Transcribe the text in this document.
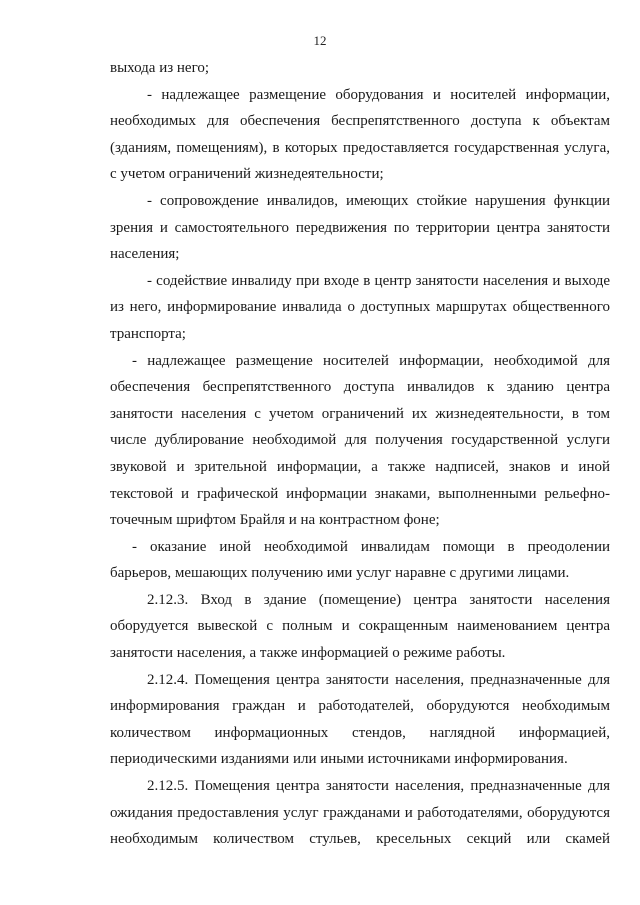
12

выхода из него;

- надлежащее размещение оборудования и носителей информации, необходимых для обеспечения беспрепятственного доступа к объектам (зданиям, помещениям), в которых предоставляется государственная услуга, с учетом ограничений жизнедеятельности;

- сопровождение инвалидов, имеющих стойкие нарушения функции зрения и самостоятельного передвижения по территории центра занятости населения;

- содействие инвалиду при входе в центр занятости населения и выходе из него, информирование инвалида о доступных маршрутах общественного транспорта;

- надлежащее размещение носителей информации, необходимой для обеспечения беспрепятственного доступа инвалидов к зданию центра занятости населения с учетом ограничений их жизнедеятельности, в том числе дублирование необходимой для получения государственной услуги звуковой и зрительной информации, а также надписей, знаков и иной текстовой и графической информации знаками, выполненными рельефно-точечным шрифтом Брайля и на контрастном фоне;

- оказание иной необходимой инвалидам помощи в преодолении барьеров, мешающих получению ими услуг наравне с другими лицами.

2.12.3. Вход в здание (помещение) центра занятости населения оборудуется вывеской с полным и сокращенным наименованием центра занятости населения, а также информацией о режиме работы.

2.12.4. Помещения центра занятости населения, предназначенные для информирования граждан и работодателей, оборудуются необходимым количеством информационных стендов, наглядной информацией, периодическими изданиями или иными источниками информирования.

2.12.5. Помещения центра занятости населения, предназначенные для ожидания предоставления услуг гражданами и работодателями, оборудуются необходимым количеством стульев, кресельных секций или скамей
